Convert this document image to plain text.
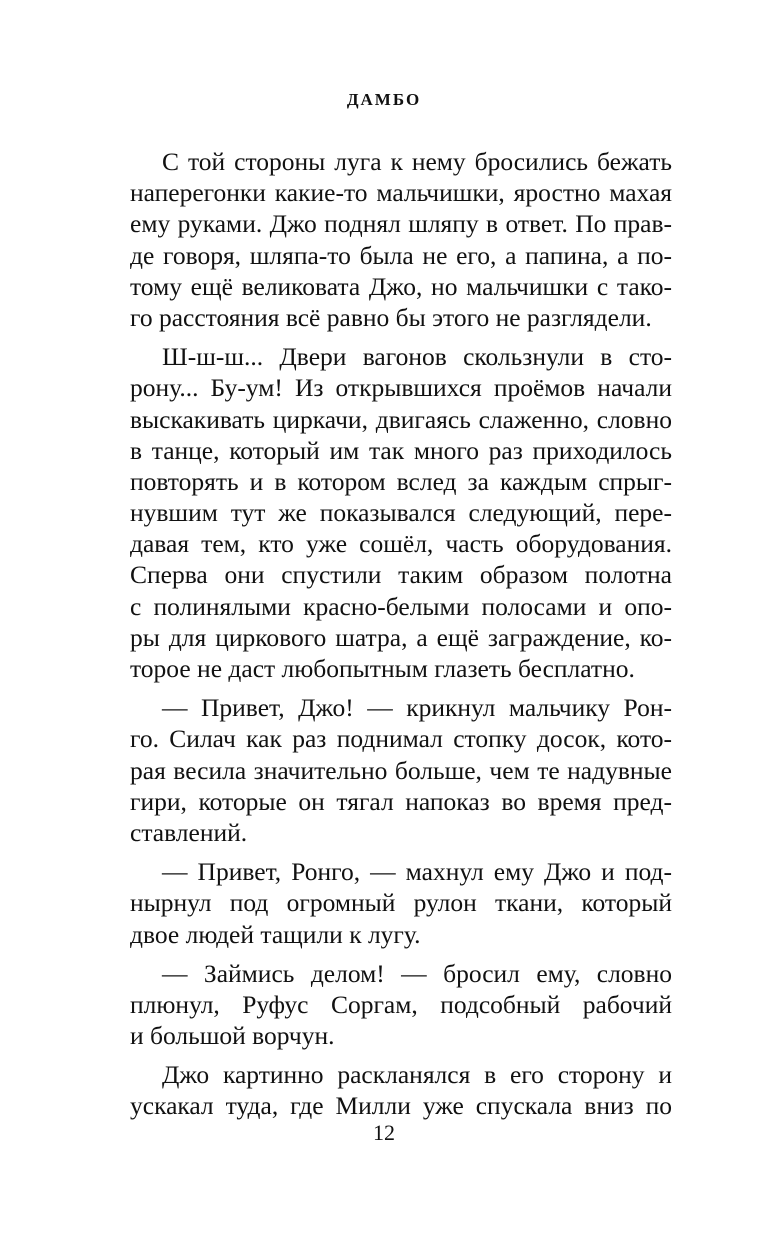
ДАМБО
С той стороны луга к нему бросились бежать
наперегонки какие-то мальчишки, яростно махая
ему руками. Джо поднял шляпу в ответ. По прав-
де говоря, шляпа-то была не его, а папина, а по-
тому ещё великовата Джо, но мальчишки с тако-
го расстояния всё равно бы этого не разглядели.
Ш-ш-ш... Двери вагонов скользнули в сто-
рону... Бу-ум! Из открывшихся проёмов начали
выскакивать циркачи, двигаясь слаженно, словно
в танце, который им так много раз приходилось
повторять и в котором вслед за каждым спрыг-
нувшим тут же показывался следующий, пере-
давая тем, кто уже сошёл, часть оборудования.
Сперва они спустили таким образом полотна
с полинялыми красно-белыми полосами и опо-
ры для циркового шатра, а ещё заграждение, ко-
торое не даст любопытным глазеть бесплатно.
— Привет, Джо! — крикнул мальчику Рон-
го. Силач как раз поднимал стопку досок, кото-
рая весила значительно больше, чем те надувные
гири, которые он тягал напоказ во время пред-
ставлений.
— Привет, Ронго, — махнул ему Джо и под-
нырнул под огромный рулон ткани, который
двое людей тащили к лугу.
— Займись делом! — бросил ему, словно
плюнул, Руфус Соргам, подсобный рабочий
и большой ворчун.
Джо картинно раскланялся в его сторону и
ускакал туда, где Милли уже спускала вниз по
12
